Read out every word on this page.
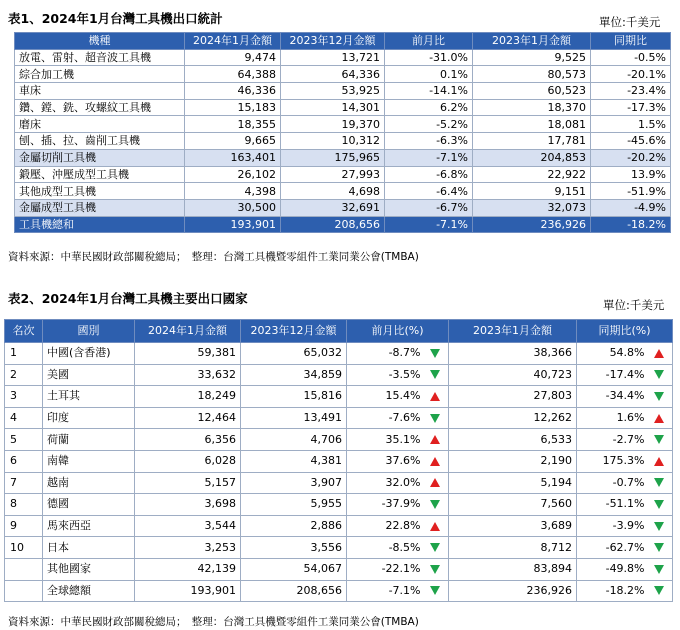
表1、2024年1月台灣工具機出口統計	單位:千美元
機種	2024年1月金額	2023年12月金額	前月比	2023年1月金額	同期比
放電、雷射、超音波工具機	9,474	13,721	-31.0%	9,525	-0.5%
綜合加工機	64,388	64,336	0.1%	80,573	-20.1%
車床	46,336	53,925	-14.1%	60,523	-23.4%
鑽、鏜、銑、攻螺紋工具機	15,183	14,301	6.2%	18,370	-17.3%
磨床	18,355	19,370	-5.2%	18,081	1.5%
刨、插、拉、齒削工具機	9,665	10,312	-6.3%	17,781	-45.6%
金屬切削工具機	163,401	175,965	-7.1%	204,853	-20.2%
鍛壓、沖壓成型工具機	26,102	27,993	-6.8%	22,922	13.9%
其他成型工具機	4,398	4,698	-6.4%	9,151	-51.9%
金屬成型工具機	30,500	32,691	-6.7%	32,073	-4.9%
工具機總和	193,901	208,656	-7.1%	236,926	-18.2%
資料來源：中華民國財政部關稅總局；　整理：台灣工具機暨零組件工業同業公會(TMBA)
表2、2024年1月台灣工具機主要出口國家	單位:千美元
名次	國別	2024年1月金額	2023年12月金額	前月比(%)		2023年1月金額	同期比(%)	
1	中國(含香港)	59,381	65,032	-8.7%		38,366	54.8%	
2	美國	33,632	34,859	-3.5%		40,723	-17.4%	
3	土耳其	18,249	15,816	15.4%		27,803	-34.4%	
4	印度	12,464	13,491	-7.6%		12,262	1.6%	
5	荷蘭	6,356	4,706	35.1%		6,533	-2.7%	
6	南韓	6,028	4,381	37.6%		2,190	175.3%	
7	越南	5,157	3,907	32.0%		5,194	-0.7%	
8	德國	3,698	5,955	-37.9%		7,560	-51.1%	
9	馬來西亞	3,544	2,886	22.8%		3,689	-3.9%	
10	日本	3,253	3,556	-8.5%		8,712	-62.7%	
	其他國家	42,139	54,067	-22.1%		83,894	-49.8%	
	全球總額	193,901	208,656	-7.1%		236,926	-18.2%	
資料來源：中華民國財政部關稅總局；　整理：台灣工具機暨零組件工業同業公會(TMBA)
